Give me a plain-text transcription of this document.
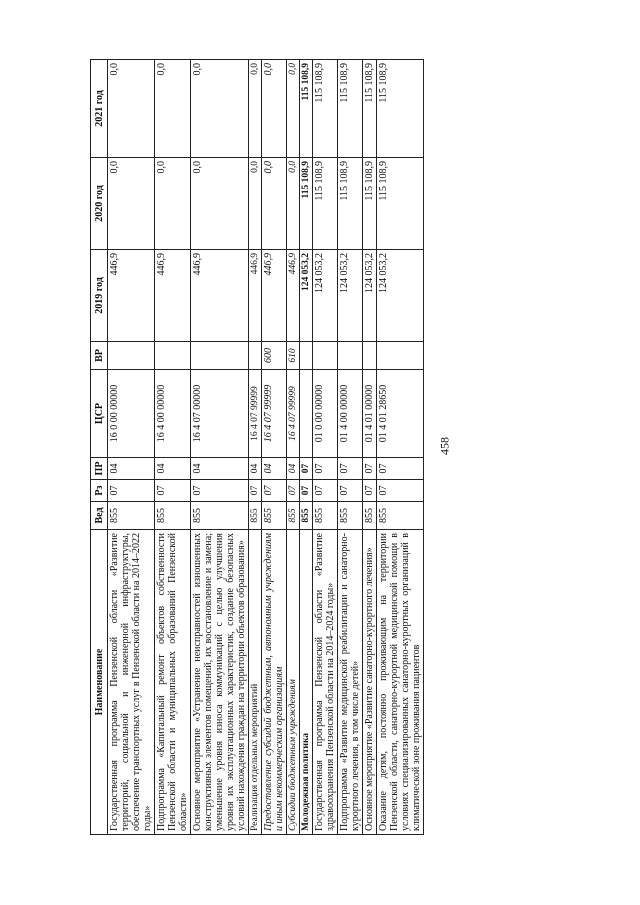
458
Наименование	Вед	Рз	ПР	ЦСР	ВР	2019 год	2020 год	2021 год
Государственная программа Пензенской области «Развитие территорий, социальной и инженерной инфраструктуры, обеспечение транспортных услуг в Пензенской области на 2014–2022 годы»	855	07	04	16 0 00 00000		446,9	0,0	0,0
Подпрограмма «Капитальный ремонт объектов собственности Пензенской области и муниципальных образований Пензенской области»	855	07	04	16 4 00 00000		446,9	0,0	0,0
Основное мероприятие «Устранение неисправностей изношенных конструктивных элементов помещений, их восстановление и замена; уменьшение уровня износа коммуникаций с целью улучшения уровня их эксплуатационных характеристик, создание безопасных условий нахождения граждан на территории объектов образования»	855	07	04	16 4 07 00000		446,9	0,0	0,0
Реализация отдельных мероприятий	855	07	04	16 4 07 99999		446,9	0,0	0,0
Предоставление субсидий бюджетным, автономным учреждениям и иным некоммерческим организациям	855	07	04	16 4 07 99999	600	446,9	0,0	0,0
Субсидии бюджетным учреждениям	855	07	04	16 4 07 99999	610	446,9	0,0	0,0
Молодежная политика	855	07	07			124 053,2	115 108,9	115 108,9
Государственная программа Пензенской области «Развитие здравоохранения Пензенской области на 2014–2024 годы»	855	07	07	01 0 00 00000		124 053,2	115 108,9	115 108,9
Подпрограмма «Развитие медицинской реабилитации и санаторно-курортного лечения, в том числе детей»	855	07	07	01 4 00 00000		124 053,2	115 108,9	115 108,9
Основное мероприятие «Развитие санаторно-курортного лечения»	855	07	07	01 4 01 00000		124 053,2	115 108,9	115 108,9
Оказание детям, постоянно проживающим на территории Пензенской области, санаторно-курортной медицинской помощи в условиях специализированных санаторно-курортных организаций в климатической зоне проживания пациентов	855	07	07	01 4 01 28650		124 053,2	115 108,9	115 108,9
